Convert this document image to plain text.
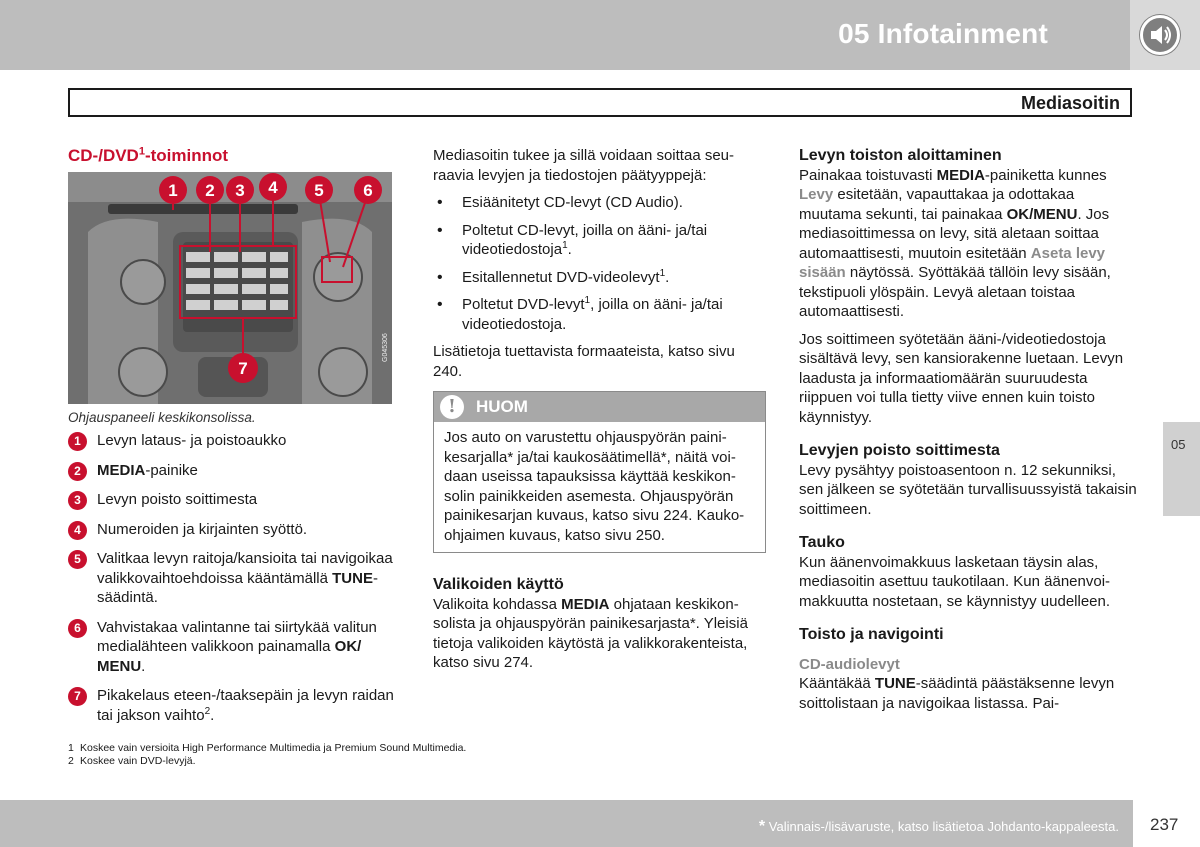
05 Infotainment
Mediasoitin
05
CD-/DVD$^1$-toiminnot
1 2 3 4 5 6
7
G045306
Ohjauspaneeli keskikonsolissa.
1	Levyn lataus- ja poistoaukko
2	MEDIA-painike
3	Levyn poisto soittimesta
4	Numeroiden ja kirjainten syöttö.
5	Valitkaa levyn raitoja/kansioita tai navigoikaa valikkovaihtoehdoissa kääntämällä TUNE-säädintä.
6	Vahvistakaa valintanne tai siirtykää valitun medialähteen valikkoon painamalla OK/ MENU.
7	Pikakelaus eteen-/taaksepäin ja levyn raidan tai jakson vaihto$^2$.

Mediasoitin tukee ja sillä voidaan soittaa seuraavia levyjen ja tiedostojen päätyyppejä:

• Esiäänitetyt CD-levyt (CD Audio).
• Poltetut CD-levyt, joilla on ääni- ja/tai videotiedostoja$^1$.
• Esitallennetut DVD-videolevyt$^1$.
• Poltetut DVD-levyt$^1$, joilla on ääni- ja/tai videotiedostoja.

Lisätietoja tuettavista formaateista, katso sivu 240.

!	HUOM
Jos auto on varustettu ohjauspyörän painikesarjalla* ja/tai kaukosäätimellä*, näitä voidaan useissa tapauksissa käyttää keskikonsolin painikkeiden asemesta. Ohjauspyörän painikesarjan kuvaus, katso sivu 224. Kauko-ohjaimen kuvaus, katso sivu 250.
Valikoiden käyttö

Valikoita kohdassa MEDIA ohjataan keskikonsolista ja ohjauspyörän painikesarjasta*. Yleisiä tietoja valikoiden käytöstä ja valikkorakenteista, katso sivu 274.

Levyn toiston aloittaminen

Painakaa toistuvasti MEDIA-painiketta kunnes Levy esitetään, vapauttakaa ja odottakaa muutama sekunti, tai painakaa OK/MENU. Jos mediasoittimessa on levy, sitä aletaan soittaa automaattisesti, muutoin esitetään Aseta levy sisään näytössä. Syöttäkää tällöin levy sisään, tekstipuoli ylöspäin. Levyä aletaan toistaa automaattisesti.

Jos soittimeen syötetään ääni-/videotiedostoja sisältävä levy, sen kansiorakenne luetaan. Levyn laadusta ja informaatiomäärän suuruudesta riippuen voi tulla tietty viive ennen kuin toisto käynnistyy.

Levyjen poisto soittimesta

Levy pysähtyy poistoasentoon n. 12 sekunniksi, sen jälkeen se syötetään turvallisuussyistä takaisin soittimeen.

Tauko

Kun äänenvoimakkuus lasketaan täysin alas, mediasoitin asettuu taukotilaan. Kun äänenvoimakkuutta nostetaan, se käynnistyy uudelleen.

Toisto ja navigointi
CD-audiolevyt

Kääntäkää TUNE-säädintä päästäksenne levyn soittolistaan ja navigoikaa listassa. Pai-

1 Koskee vain versioita High Performance Multimedia ja Premium Sound Multimedia.
2 Koskee vain DVD-levyjä.
* Valinnais-/lisävaruste, katso lisätietoa Johdanto-kappaleesta. 237
